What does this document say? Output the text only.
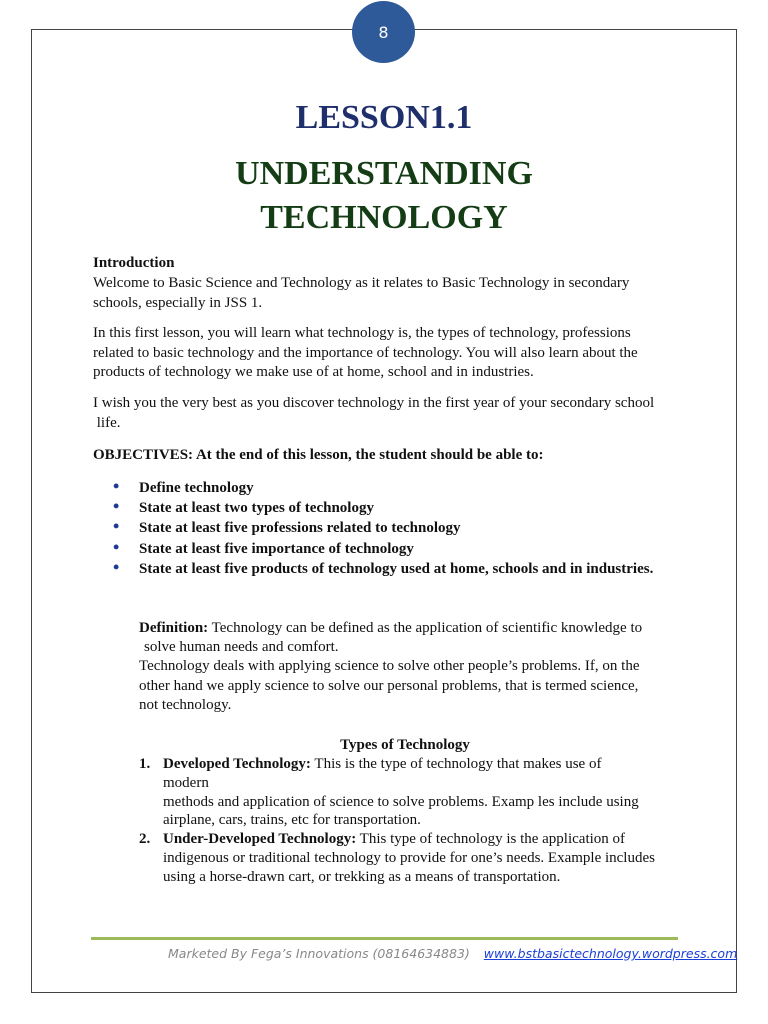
8
LESSON1.1
UNDERSTANDING
TECHNOLOGY
Introduction
Welcome to Basic Science and Technology as it relates to Basic Technology in secondary
schools, especially in JSS 1.
In this first lesson, you will learn what technology is, the types of technology, professions
related to basic technology and the importance of technology. You will also learn about the
products of technology we make use of at home, school and in industries.
I wish you the very best as you discover technology in the first year of your secondary school
life.
OBJECTIVES: At the end of this lesson, the student should be able to:
• Define technology
• State at least two types of technology
• State at least five professions related to technology
• State at least five importance of technology
• State at least five products of technology used at home, schools and in industries.
Definition: Technology can be defined as the application of scientific knowledge to
solve human needs and comfort.
Technology deals with applying science to solve other people’s problems. If, on the
other hand we apply science to solve our personal problems, that is termed science,
not technology.
Types of Technology
1. Developed Technology: This is the type of technology that makes use of
modern
methods and application of science to solve problems. Examp les include using
airplane, cars, trains, etc for transportation.
2. Under-Developed Technology: This type of technology is the application of
indigenous or traditional technology to provide for one’s needs. Example includes
using a horse-drawn cart, or trekking as a means of transportation.
Marketed By Fega’s Innovations (08164634883) www.bstbasictechnology.wordpress.com
